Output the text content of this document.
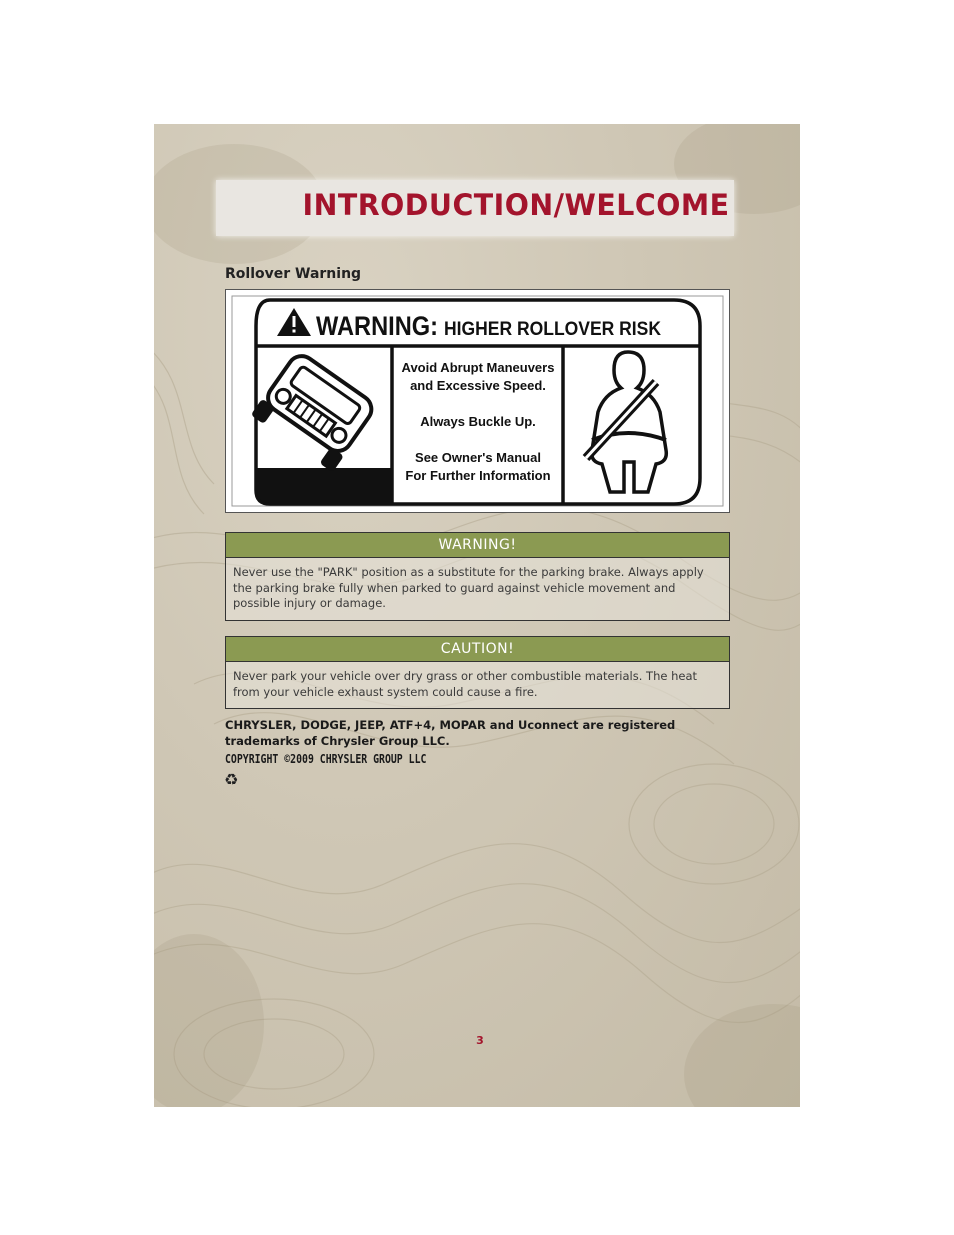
INTRODUCTION/WELCOME
Rollover Warning
WARNING: HIGHER ROLLOVER RISK
Avoid Abrupt Maneuvers
and Excessive Speed.
Always Buckle Up.
See Owner's Manual
For Further Information
WARNING!
Never use the "PARK" position as a substitute for the parking brake. Always apply the parking brake fully when parked to guard against vehicle movement and possible injury or damage.
CAUTION!
Never park your vehicle over dry grass or other combustible materials. The heat from your vehicle exhaust system could cause a fire.
CHRYSLER, DODGE, JEEP, ATF+4, MOPAR and Uconnect are registered trademarks of Chrysler Group LLC.
COPYRIGHT ©2009 CHRYSLER GROUP LLC
♻
3
